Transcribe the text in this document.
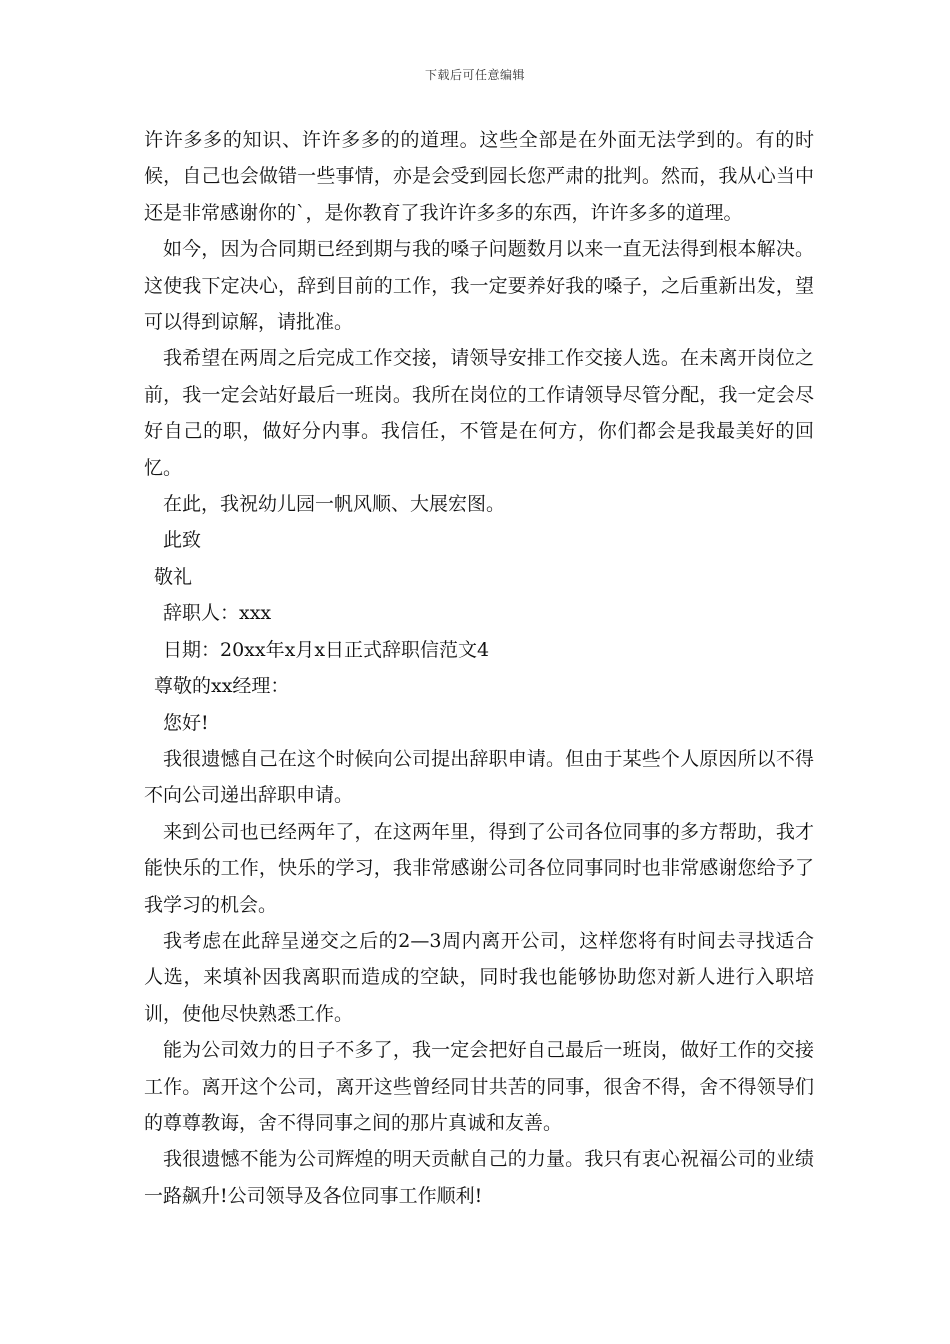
下载后可任意编辑

许许多多的知识、许许多多的的道理。这些全部是在外面无法学到的。有的时候，自己也会做错一些事情，亦是会受到园长您严肃的批判。然而，我从心当中还是非常感谢你的`，是你教育了我许许多多的东西，许许多多的道理。

如今，因为合同期已经到期与我的嗓子问题数月以来一直无法得到根本解决。这使我下定决心，辞到目前的工作，我一定要养好我的嗓子，之后重新出发，望可以得到谅解，请批准。

我希望在两周之后完成工作交接，请领导安排工作交接人选。在未离开岗位之前，我一定会站好最后一班岗。我所在岗位的工作请领导尽管分配，我一定会尽好自己的职，做好分内事。我信任，不管是在何方，你们都会是我最美好的回忆。

在此，我祝幼儿园一帆风顺、大展宏图。

此致

敬礼

辞职人：xxx

日期：20xx年x月x日正式辞职信范文4

尊敬的xx经理：

您好!

我很遗憾自己在这个时候向公司提出辞职申请。但由于某些个人原因所以不得不向公司递出辞职申请。

来到公司也已经两年了，在这两年里，得到了公司各位同事的多方帮助，我才能快乐的工作，快乐的学习，我非常感谢公司各位同事同时也非常感谢您给予了我学习的机会。

我考虑在此辞呈递交之后的2—3周内离开公司，这样您将有时间去寻找适合人选，来填补因我离职而造成的空缺，同时我也能够协助您对新人进行入职培训，使他尽快熟悉工作。

能为公司效力的日子不多了，我一定会把好自己最后一班岗，做好工作的交接工作。离开这个公司，离开这些曾经同甘共苦的同事，很舍不得，舍不得领导们的尊尊教诲，舍不得同事之间的那片真诚和友善。

我很遗憾不能为公司辉煌的明天贡献自己的力量。我只有衷心祝福公司的业绩一路飙升!公司领导及各位同事工作顺利!
